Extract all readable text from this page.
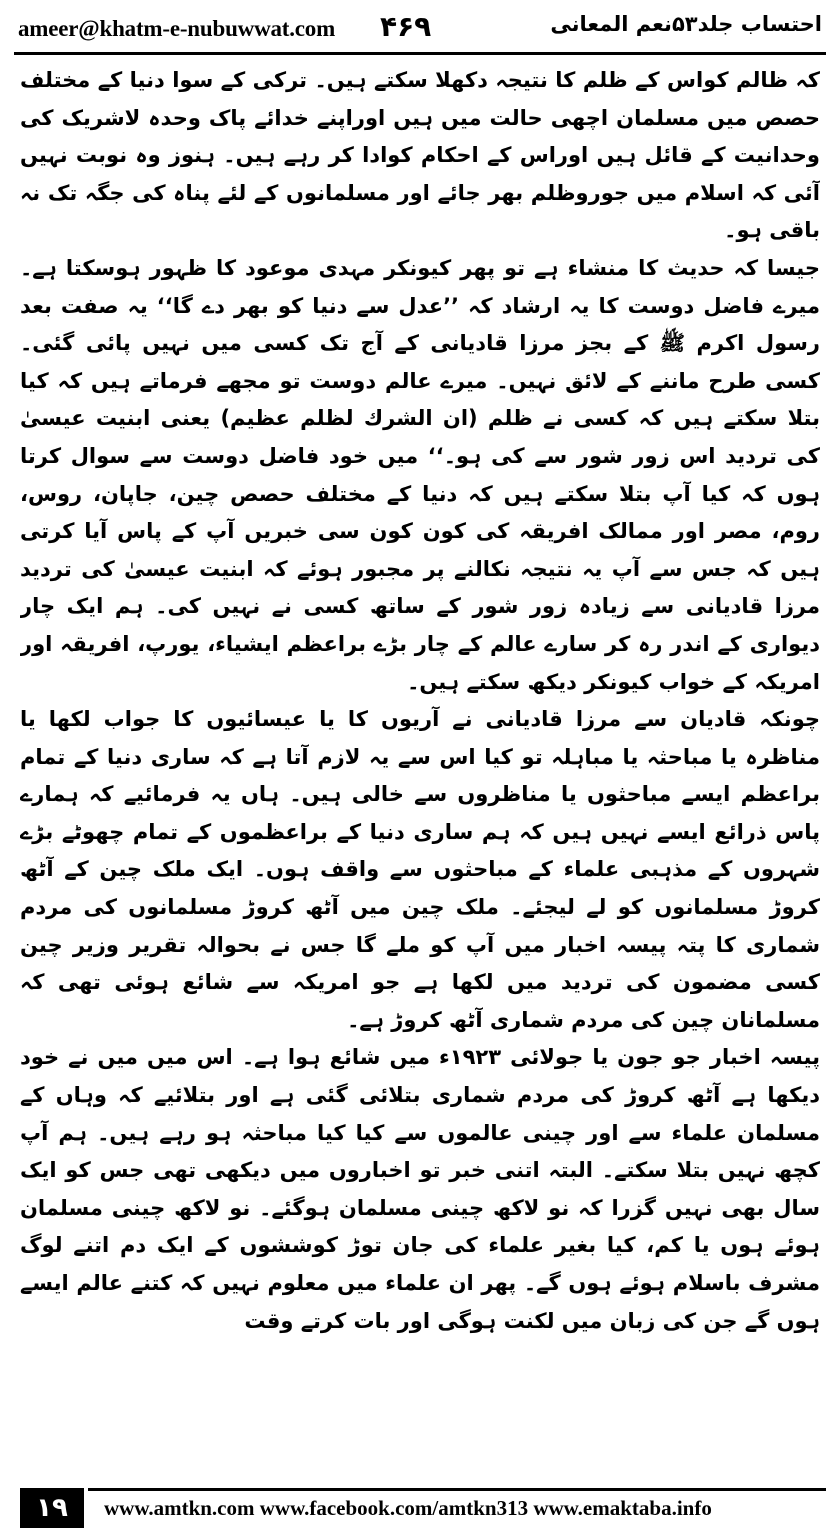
ameer@khatm-e-nubuwwat.com ۴۶۹	احتساب جلد۵۳نعم المعانی

کہ ظالم کواس کے ظلم کا نتیجہ دکھلا سکتے ہیں۔ ترکی کے سوا دنیا کے مختلف حصص میں مسلمان اچھی حالت میں ہیں اوراپنے خدائے پاک وحدہ لاشریک کی وحدانیت کے قائل ہیں اوراس کے احکام کوادا کر رہے ہیں۔ ہنوز وہ نوبت نہیں آئی کہ اسلام میں جوروظلم بھر جائے اور مسلمانوں کے لئے پناہ کی جگہ تک نہ باقی ہو۔

جیسا کہ حدیث کا منشاء ہے تو پھر کیونکر مہدی موعود کا ظہور ہوسکتا ہے۔ میرے فاضل دوست کا یہ ارشاد کہ ’’عدل سے دنیا کو بھر دے گا‘‘ یہ صفت بعد رسول اکرم ﷺ کے بجز مرزا قادیانی کے آج تک کسی میں نہیں پائی گئی۔ کسی طرح ماننے کے لائق نہیں۔ میرے عالم دوست تو مجھے فرماتے ہیں کہ کیا بتلا سکتے ہیں کہ کسی نے ظلم (ان الشرك لظلم عظيم) یعنی ابنیت عیسیٰ کی تردید اس زور شور سے کی ہو۔‘‘ میں خود فاضل دوست سے سوال کرتا ہوں کہ کیا آپ بتلا سکتے ہیں کہ دنیا کے مختلف حصص چین، جاپان، روس، روم، مصر اور ممالک افریقہ کی کون کون سی خبریں آپ کے پاس آیا کرتی ہیں کہ جس سے آپ یہ نتیجہ نکالنے پر مجبور ہوئے کہ ابنیت عیسیٰ کی تردید مرزا قادیانی سے زیادہ زور شور کے ساتھ کسی نے نہیں کی۔ ہم ایک چار دیواری کے اندر رہ کر سارے عالم کے چار بڑے براعظم ایشیاء، یورپ، افریقہ اور امریکہ کے خواب کیونکر دیکھ سکتے ہیں۔

چونکہ قادیان سے مرزا قادیانی نے آریوں کا یا عیسائیوں کا جواب لکھا یا مناظرہ یا مباحثہ یا مباہلہ تو کیا اس سے یہ لازم آتا ہے کہ ساری دنیا کے تمام براعظم ایسے مباحثوں یا مناظروں سے خالی ہیں۔ ہاں یہ فرمائیے کہ ہمارے پاس ذرائع ایسے نہیں ہیں کہ ہم ساری دنیا کے براعظموں کے تمام چھوٹے بڑے شہروں کے مذہبی علماء کے مباحثوں سے واقف ہوں۔ ایک ملک چین کے آٹھ کروڑ مسلمانوں کو لے لیجئے۔ ملک چین میں آٹھ کروڑ مسلمانوں کی مردم شماری کا پتہ پیسہ اخبار میں آپ کو ملے گا جس نے بحوالہ تقریر وزیر چین کسی مضمون کی تردید میں لکھا ہے جو امریکہ سے شائع ہوئی تھی کہ مسلمانان چین کی مردم شماری آٹھ کروڑ ہے۔

پیسہ اخبار جو جون یا جولائی ۱۹۲۳ء میں شائع ہوا ہے۔ اس میں میں نے خود دیکھا ہے آٹھ کروڑ کی مردم شماری بتلائی گئی ہے اور بتلائیے کہ وہاں کے مسلمان علماء سے اور چینی عالموں سے کیا کیا مباحثہ ہو رہے ہیں۔ ہم آپ کچھ نہیں بتلا سکتے۔ البتہ اتنی خبر تو اخباروں میں دیکھی تھی جس کو ایک سال بھی نہیں گزرا کہ نو لاکھ چینی مسلمان ہوگئے۔ نو لاکھ چینی مسلمان ہوئے ہوں یا کم، کیا بغیر علماء کی جان توڑ کوششوں کے ایک دم اتنے لوگ مشرف باسلام ہوئے ہوں گے۔ پھر ان علماء میں معلوم نہیں کہ کتنے عالم ایسے ہوں گے جن کی زبان میں لکنت ہوگی اور بات کرتے وقت

۱۹	www.amtkn.com www.facebook.com/amtkn313 www.emaktaba.info
